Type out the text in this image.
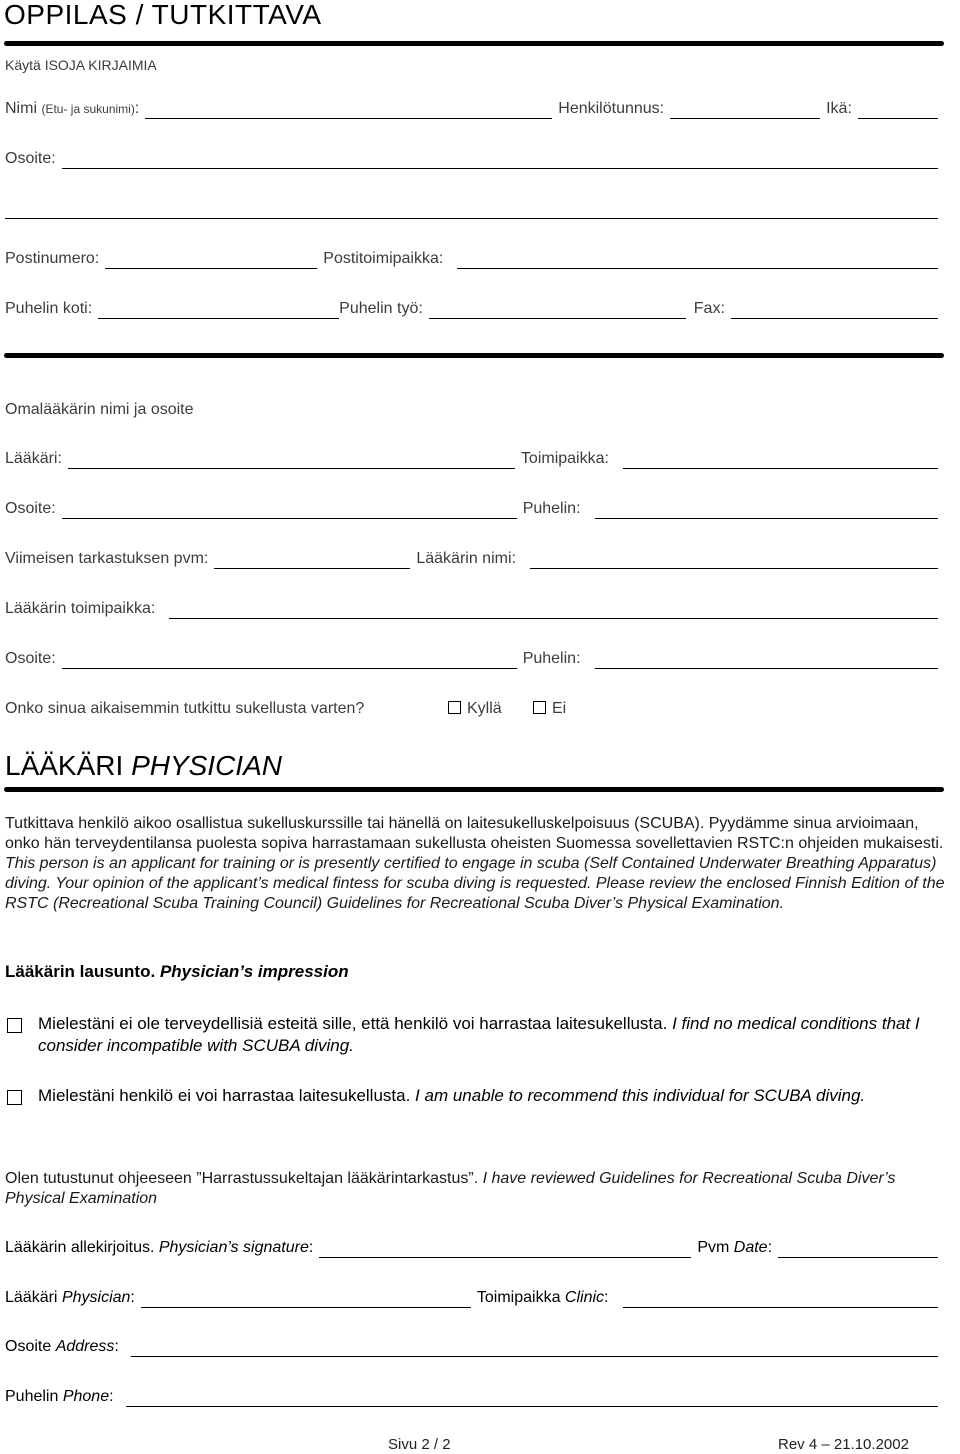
OPPILAS / TUTKITTAVA
Käytä ISOJA KIRJAIMIA
Nimi (Etu- ja sukunimi):	Henkilötunnus:	Ikä:
Osoite:
Postinumero:	Postitoimipaikka:
Puhelin koti:	Puhelin työ:	Fax:
Omalääkärin nimi ja osoite
Lääkäri:	Toimipaikka:
Osoite:	Puhelin:
Viimeisen tarkastuksen pvm:	Lääkärin nimi:
Lääkärin toimipaikka:
Osoite:	Puhelin:
Onko sinua aikaisemmin tutkittu sukellusta varten?	Kyllä	Ei
LÄÄKÄRI PHYSICIAN
Tutkittava henkilö aikoo osallistua sukelluskurssille tai hänellä on laitesukelluskelpoisuus (SCUBA). Pyydämme sinua arvioimaan, onko hän terveydentilansa puolesta sopiva harrastamaan sukellusta oheisten Suomessa sovellettavien RSTC:n ohjeiden mukaisesti. This person is an applicant for training or is presently certified to engage in scuba (Self Contained Underwater Breathing Apparatus) diving. Your opinion of the applicant’s medical fintess for scuba diving is requested. Please review the enclosed Finnish Edition of the RSTC (Recreational Scuba Training Council) Guidelines for Recreational Scuba Diver’s Physical Examination.
Lääkärin lausunto. Physician’s impression
Mielestäni ei ole terveydellisiä esteitä sille, että henkilö voi harrastaa laitesukellusta. I find no medical conditions that I consider incompatible with SCUBA diving.
Mielestäni henkilö ei voi harrastaa laitesukellusta. I am unable to recommend this individual for SCUBA diving.
Olen tutustunut ohjeeseen ”Harrastussukeltajan lääkärintarkastus”. I have reviewed Guidelines for Recreational Scuba Diver’s Physical Examination
Lääkärin allekirjoitus. Physician’s signature:	Pvm Date:
Lääkäri Physician:	Toimipaikka Clinic:
Osoite Address:
Puhelin Phone:
Sivu 2 / 2	Rev 4 – 21.10.2002
